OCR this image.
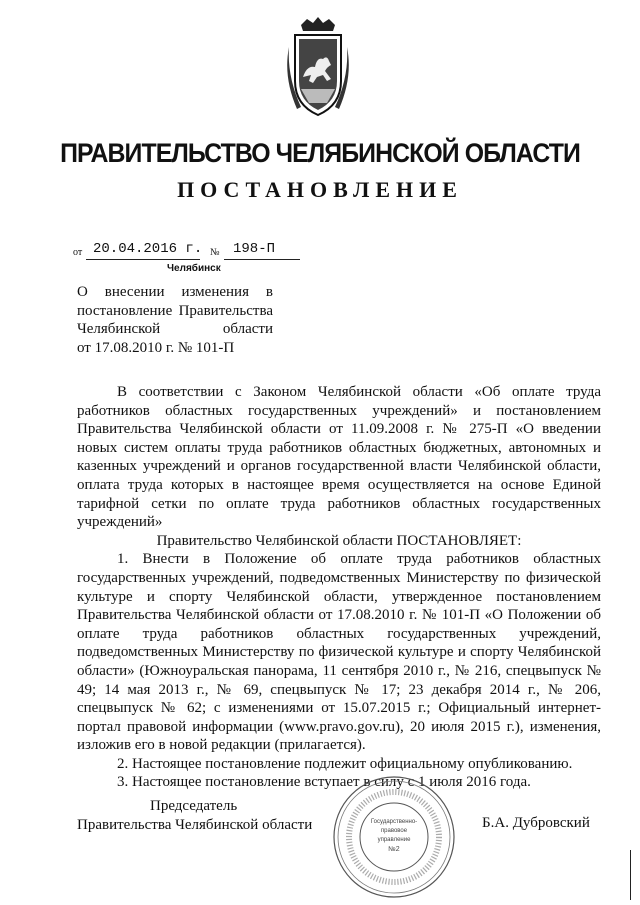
ПРАВИТЕЛЬСТВО ЧЕЛЯБИНСКОЙ ОБЛАСТИ
ПОСТАНОВЛЕНИЕ
от 20.04.2016 г. № 198-П
Челябинск
О внесении изменения в
постановление Правительства
Челябинской области
от 17.08.2010 г. № 101-П
В соответствии с Законом Челябинской области «Об оплате труда работников областных государственных учреждений» и постановлением Правительства Челябинской области от 11.09.2008 г. № 275-П «О введении новых систем оплаты труда работников областных бюджетных, автономных и казенных учреждений и органов государственной власти Челябинской области, оплата труда которых в настоящее время осуществляется на основе Единой тарифной сетки по оплате труда работников областных государственных учреждений»
Правительство Челябинской области ПОСТАНОВЛЯЕТ:
1. Внести в Положение об оплате труда работников областных государственных учреждений, подведомственных Министерству по физической культуре и спорту Челябинской области, утвержденное постановлением Правительства Челябинской области от 17.08.2010 г. № 101-П «О Положении об оплате труда работников областных государственных учреждений, подведомственных Министерству по физической культуре и спорту Челябинской области» (Южноуральская панорама, 11 сентября 2010 г., № 216, спецвыпуск № 49; 14 мая 2013 г., № 69, спецвыпуск № 17; 23 декабря 2014 г., № 206, спецвыпуск № 62; с изменениями от 15.07.2015 г.; Официальный интернет-портал правовой информации (www.pravo.gov.ru), 20 июля 2015 г.), изменения, изложив его в новой редакции (прилагается).
2. Настоящее постановление подлежит официальному опубликованию.
3. Настоящее постановление вступает в силу с 1 июля 2016 года.
Председатель
Правительства Челябинской области	Б.А. Дубровский
Государственно-
правовое
управление
№2
